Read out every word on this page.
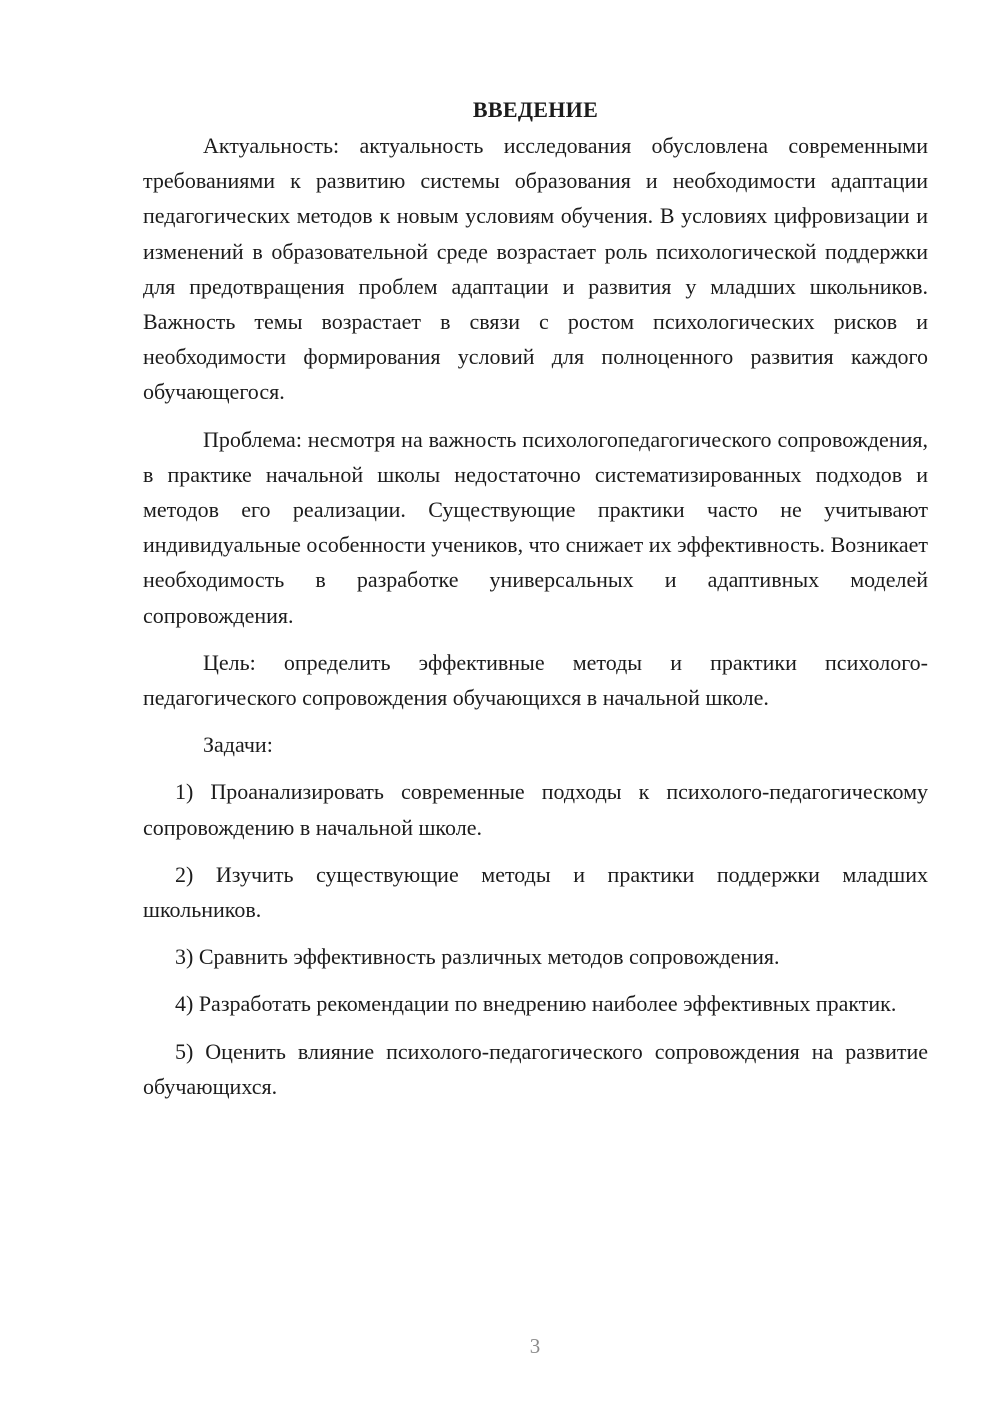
ВВЕДЕНИЕ

Актуальность: актуальность исследования обусловлена современными требованиями к развитию системы образования и необходимости адаптации педагогических методов к новым условиям обучения. В условиях цифровизации и изменений в образовательной среде возрастает роль психологической поддержки для предотвращения проблем адаптации и развития у младших школьников. Важность темы возрастает в связи с ростом психологических рисков и необходимости формирования условий для полноценного развития каждого обучающегося.

Проблема: несмотря на важность психологопедагогического сопровождения, в практике начальной школы недостаточно систематизированных подходов и методов его реализации. Существующие практики часто не учитывают индивидуальные особенности учеников, что снижает их эффективность. Возникает необходимость в разработке универсальных и адаптивных моделей сопровождения.

Цель: определить эффективные методы и практики психолого-педагогического сопровождения обучающихся в начальной школе.

Задачи:

1) Проанализировать современные подходы к психолого-педагогическому сопровождению в начальной школе.

2) Изучить существующие методы и практики поддержки младших школьников.

3) Сравнить эффективность различных методов сопровождения.

4) Разработать рекомендации по внедрению наиболее эффективных практик.

5) Оценить влияние психолого-педагогического сопровождения на развитие обучающихся.

3
